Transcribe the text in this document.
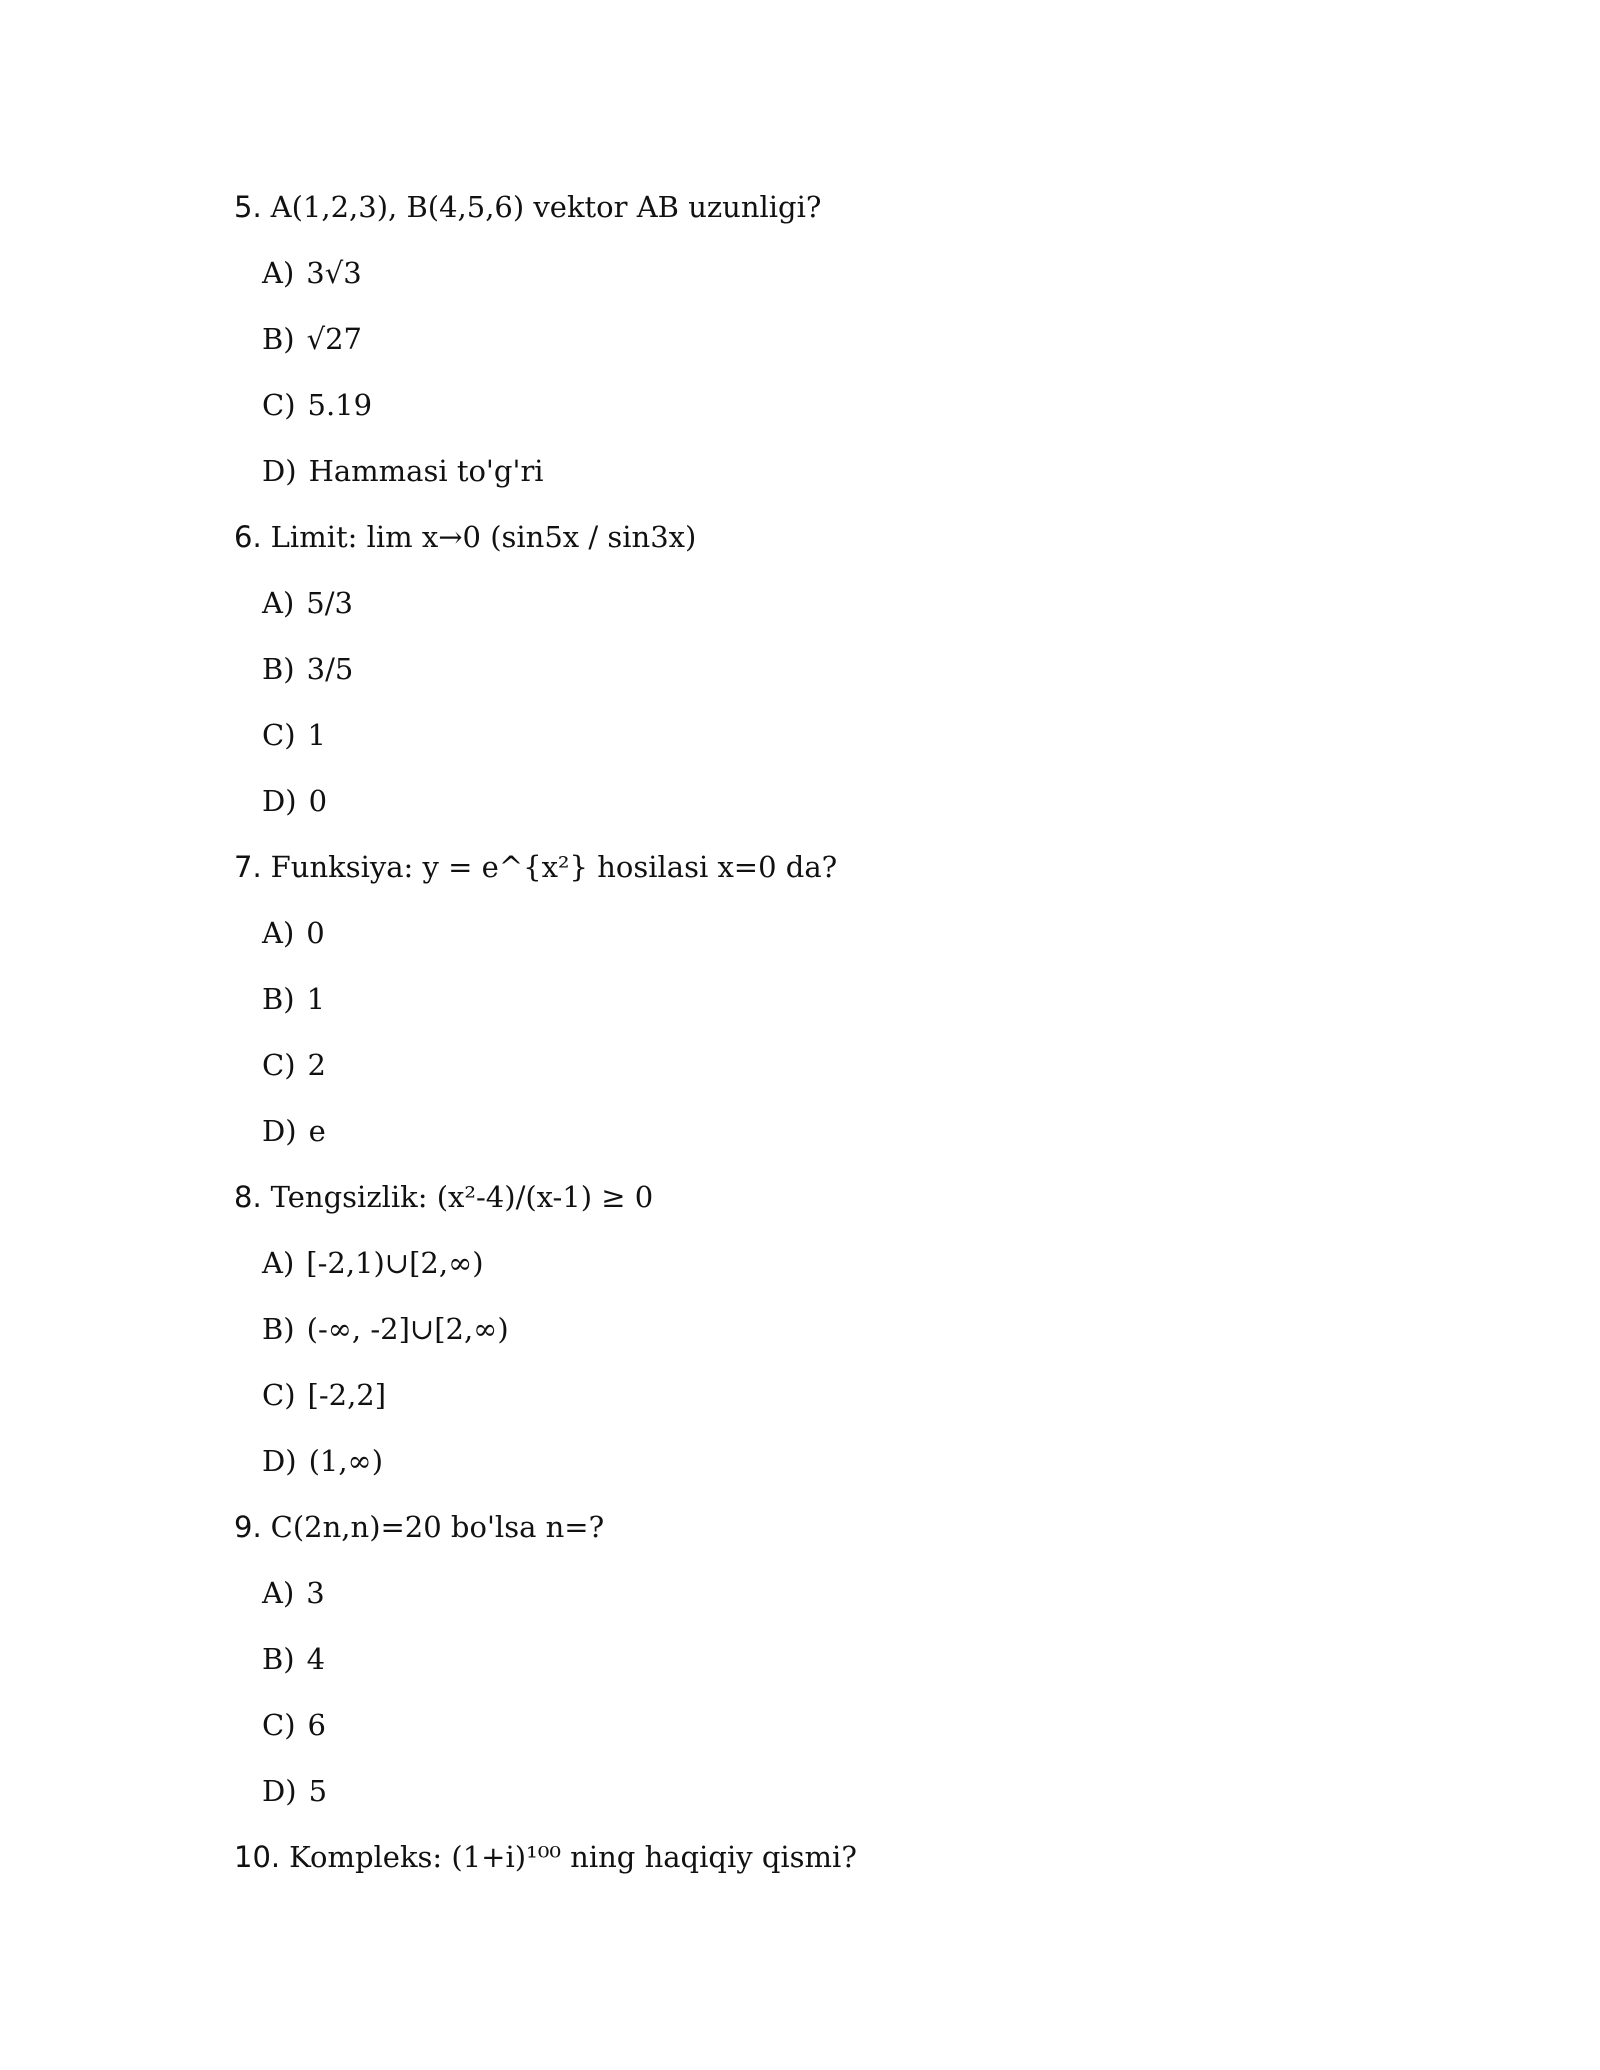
5. A(1,2,3), B(4,5,6) vektor AB uzunligi?
A) 3√3
B) √27
C) 5.19
D) Hammasi to'g'ri
6. Limit: lim x→0 (sin5x / sin3x)
A) 5/3
B) 3/5
C) 1
D) 0
7. Funksiya: y = e^{x²} hosilasi x=0 da?
A) 0
B) 1
C) 2
D) e
8. Tengsizlik: (x²-4)/(x-1) ≥ 0
A) [-2,1)∪[2,∞)
B) (-∞, -2]∪[2,∞)
C) [-2,2]
D) (1,∞)
9. C(2n,n)=20 bo'lsa n=?
A) 3
B) 4
C) 6
D) 5
10. Kompleks: (1+i)¹⁰⁰ ning haqiqiy qismi?
